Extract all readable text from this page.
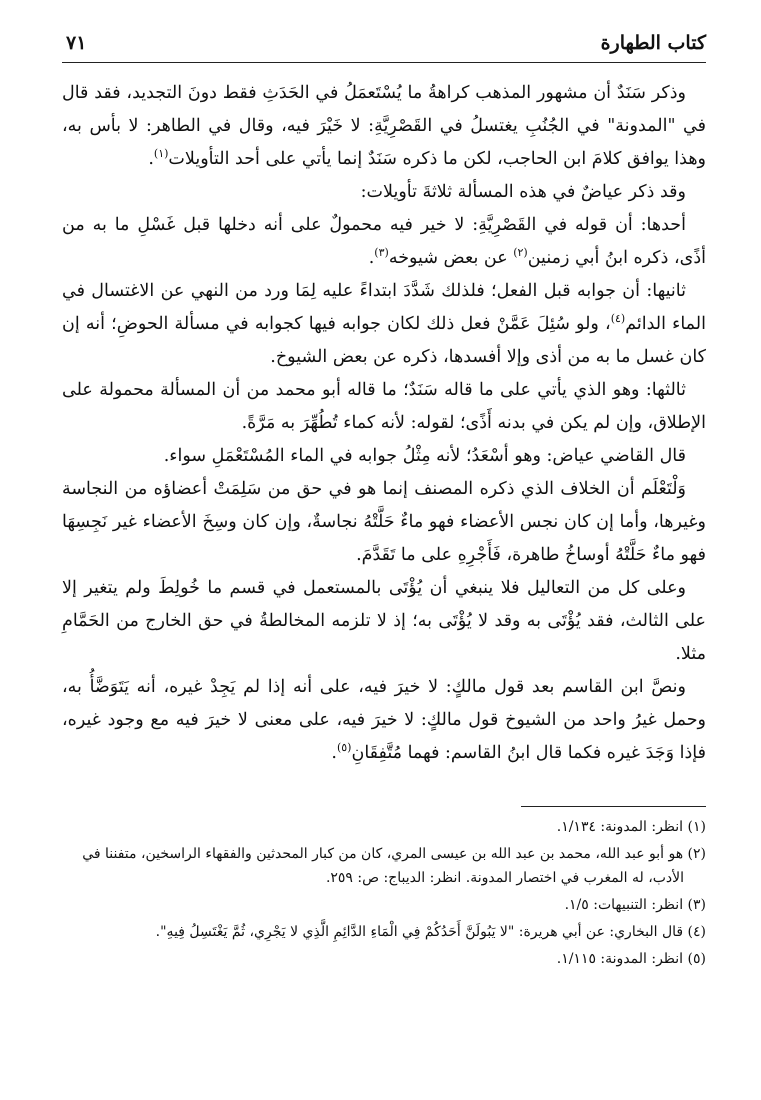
كتاب الطهارة
٧١

وذكر سَنَدٌ أن مشهور المذهب كراهةُ ما يُسْتَعمَلُ في الحَدَثِ فقط دونَ التجديد، فقد قال في "المدونة" في الجُنُبِ يغتسلُ في القَصْرِيَّةِ: لا خَيْرَ فيه، وقال في الطاهر: لا بأس به، وهذا يوافق كلامَ ابن الحاجب، لكن ما ذكره سَنَدٌ إنما يأتي على أحد التأويلات$^{(١)}$.

وقد ذكر عياضٌ في هذه المسألة ثلاثةَ تأويلات:

أحدها: أن قوله في القَصْرِيَّةِ: لا خير فيه محمولٌ على أنه دخلها قبل غَسْلِ ما به من أذًى، ذكره ابنُ أبي زمنين$^{(٢)}$ عن بعض شيوخه$^{(٣)}$.

ثانيها: أن جوابه قبل الفعل؛ فلذلك شَدَّدَ ابتداءً عليه لِمَا ورد من النهي عن الاغتسال في الماء الدائم$^{(٤)}$، ولو سُئِلَ عَمَّنْ فعل ذلك لكان جوابه فيها كجوابه في مسألة الحوضِ؛ أنه إن كان غسل ما به من أذى وإلا أفسدها، ذكره عن بعض الشيوخ.

ثالثها: وهو الذي يأتي على ما قاله سَنَدٌ؛ ما قاله أبو محمد من أن المسألة محمولة على الإطلاق، وإن لم يكن في بدنه أَذًى؛ لقوله: لأنه كماء تُطُهِّرَ به مَرَّةً.

قال القاضي عياض: وهو أسْعَدُ؛ لأنه مِثْلُ جوابه في الماء المُسْتَعْمَلِ سواء.

وَلْتَعْلَم أن الخلاف الذي ذكره المصنف إنما هو في حق من سَلِمَتْ أعضاؤه من النجاسة وغيرها، وأما إن كان نجس الأعضاء فهو ماءٌ حَلَّتْهُ نجاسةٌ، وإن كان وسِخَ الأعضاء غير نَجِسِهَا فهو ماءٌ حَلَّتْهُ أوساخُ طاهرة، فَأَجْرِهِ على ما تَقَدَّمَ.

وعلى كل من التعاليل فلا ينبغي أن يُؤْتَى بالمستعمل في قسم ما خُولِطَ ولم يتغير إلا على الثالث، فقد يُؤْتَى به وقد لا يُؤْتَى به؛ إذ لا تلزمه المخالطةُ في حق الخارج من الحَمَّامِ مثلا.

ونصَّ ابن القاسم بعد قول مالكٍ: لا خيرَ فيه، على أنه إذا لم يَجِدْ غيره، أنه يَتَوَضَّأُ به، وحمل غيرُ واحد من الشيوخ قول مالكٍ: لا خيرَ فيه، على معنى لا خيرَ فيه مع وجود غيره، فإذا وَجَدَ غيره فكما قال ابنُ القاسم: فهما مُتَّفِقَانِ$^{(٥)}$.

(١) انظر: المدونة: ١/١٣٤.

(٢) هو أبو عبد الله، محمد بن عبد الله بن عيسى المري، كان من كبار المحدثين والفقهاء الراسخين، متفننا في الأدب، له المغرب في اختصار المدونة. انظر: الديباج: ص: ٢٥٩.

(٣) انظر: التنبيهات: ١/٥.

(٤) قال البخاري: عن أبي هريرة: "لا يَبُولَنَّ أَحَدُكُمْ فِي الْمَاءِ الدَّائِمِ الَّذِي لا يَجْرِي، ثُمَّ يَغْتَسِلُ فِيهِ".

(٥) انظر: المدونة: ١/١١٥.
